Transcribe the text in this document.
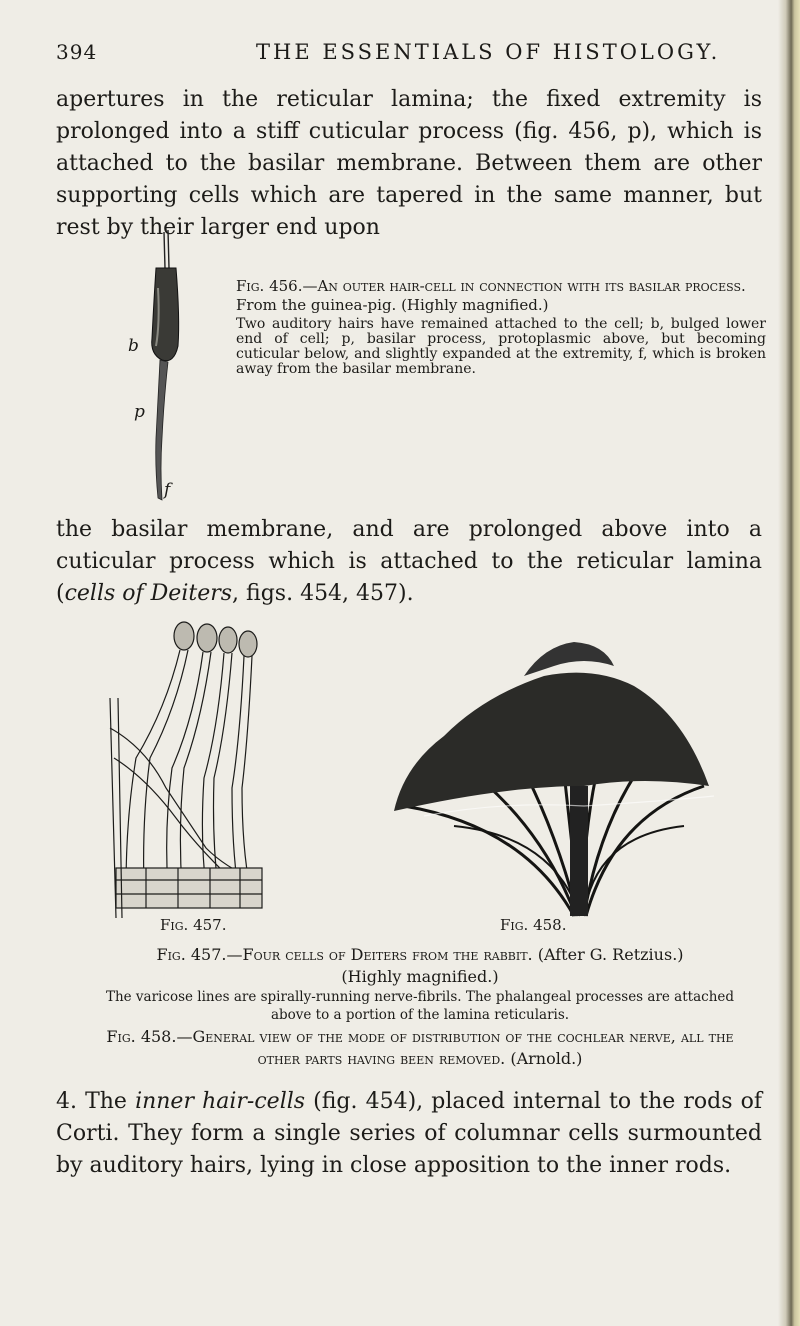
394	THE ESSENTIALS OF HISTOLOGY.

apertures in the reticular lamina; the fixed extremity is prolonged into a stiff cuticular process (fig. 456, p), which is attached to the basilar membrane. Between them are other supporting cells which are tapered in the same manner, but rest by their larger end upon

b
p
f
Fig. 456.—An outer hair-cell in connection with its basilar process. From the guinea-pig. (Highly magnified.)
Two auditory hairs have remained attached to the cell; b, bulged lower end of cell; p, basilar process, protoplasmic above, but becoming cuticular below, and slightly expanded at the extremity, f, which is broken away from the basilar membrane.

the basilar membrane, and are prolonged above into a cuticular process which is attached to the reticular lamina (cells of Deiters, figs. 454, 457).

Fig. 457.	Fig. 458.
Fig. 457.—Four cells of Deiters from the rabbit. (After G. Retzius.)
(Highly magnified.)
The varicose lines are spirally-running nerve-fibrils. The phalangeal processes are attached above to a portion of the lamina reticularis.
Fig. 458.—General view of the mode of distribution of the cochlear nerve, all the other parts having been removed. (Arnold.)

4. The inner hair-cells (fig. 454), placed internal to the rods of Corti. They form a single series of columnar cells surmounted by auditory hairs, lying in close apposition to the inner rods.
